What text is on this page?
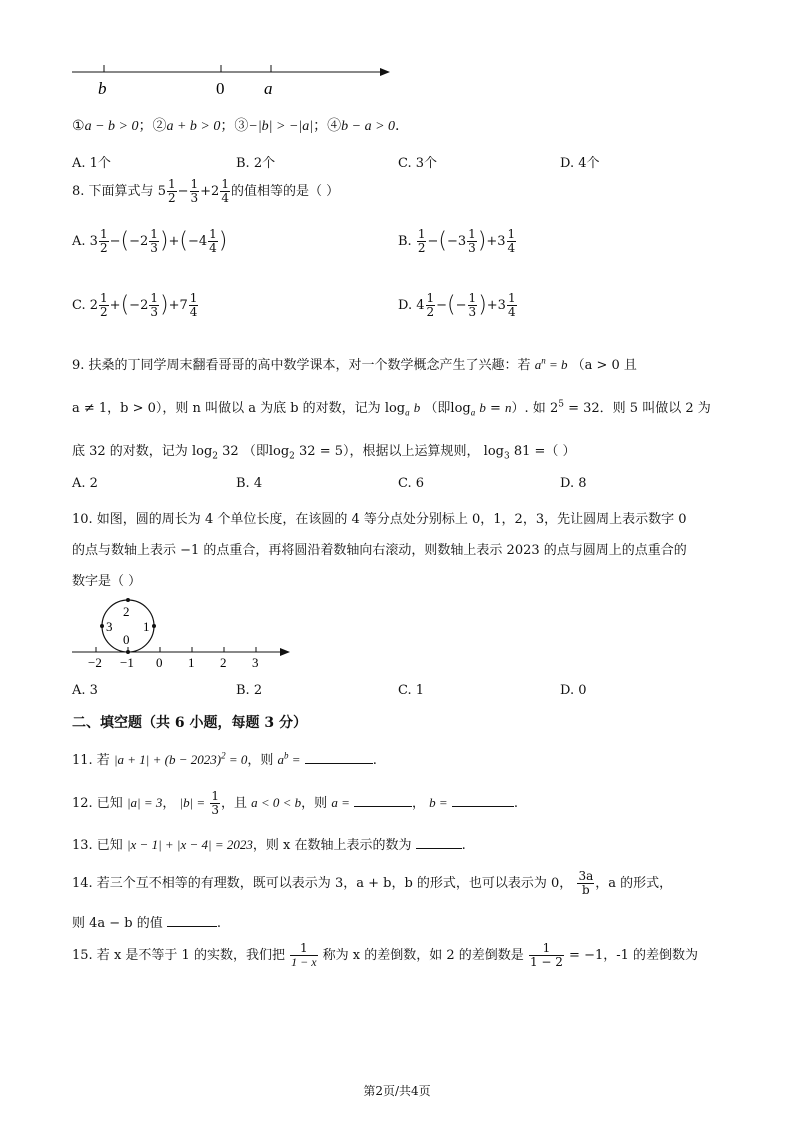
b	0 a
①a − b > 0；②a + b > 0；③−|b| > −|a|；④b − a > 0.
A. 1个	B. 2个	C. 3个	D. 4个
8. 下面算式与 $5 \frac{1}{2} - \frac{1}{3} +2 \frac{1}{4}$ 的值相等的是（ ）
A. $3 \frac{1}{2} -(-2 \frac{1}{3} )+(-4 \frac{1}{4}$ )	B. $\frac{1}{2} -(-3 \frac{1}{3} )+3 \frac{1}{4}$
C. $2 \frac{1}{2} +(-2 \frac{1}{3} )+7 \frac{1}{4}$	D. $4 \frac{1}{2}$ −(− $\frac{1}{3} )+3 \frac{1}{4}$
9. 扶桑的丁同学周末翻看哥哥的高中数学课本，对一个数学概念产生了兴趣：若 $a^n = b$ （a > 0 且
a ≠ 1，b > 0），则 n 叫做以 a 为底 b 的对数，记为 $\log_a b$ （即$\log_a b = n$）. 如 $2^5 = 32$．则 5 叫做以 2 为
底 32 的对数，记为 $\log_2 32$ （即$\log_2 32 = 5$），根据以上运算规则， $\log_3 81$ =（ ）
A. 2	B. 4	C. 6	D. 8
10. 如图，圆的周长为 4 个单位长度，在该圆的 4 等分点处分别标上 0，1，2，3，先让圆周上表示数字 0
的点与数轴上表示 −1 的点重合，再将圆沿着数轴向右滚动，则数轴上表示 2023 的点与圆周上的点重合的
数字是（ ）
2
3 1
0
−2 −1 0 1 2 3
A. 3	B. 2	C. 1	D. 0
二、填空题（共 6 小题，每题 3 分）
11. 若 $|a + 1| + (b - 2023)^2 = 0$，则 $a^b$ =	.
12. 已知 |a| = 3， $|b| = \frac{1}{3}$ ，且 a < 0 < b，则 a =	， b =	.
13. 已知 |x − 1| + |x − 4| = 2023，则 x 在数轴上表示的数为	.
14. 若三个互不相等的有理数，既可以表示为 3，a + b，b 的形式，也可以表示为 0， $\frac{3a}{b}$ ，a 的形式，
则 4a − b 的值	.
15. 若 x 是不等于 1 的实数，我们把 $\frac{1}{1 - x}$ 称为 x 的差倒数，如 2 的差倒数是 $\frac{1}{1 - 2} = -1$，-1 的差倒数为
第2页/共4页
